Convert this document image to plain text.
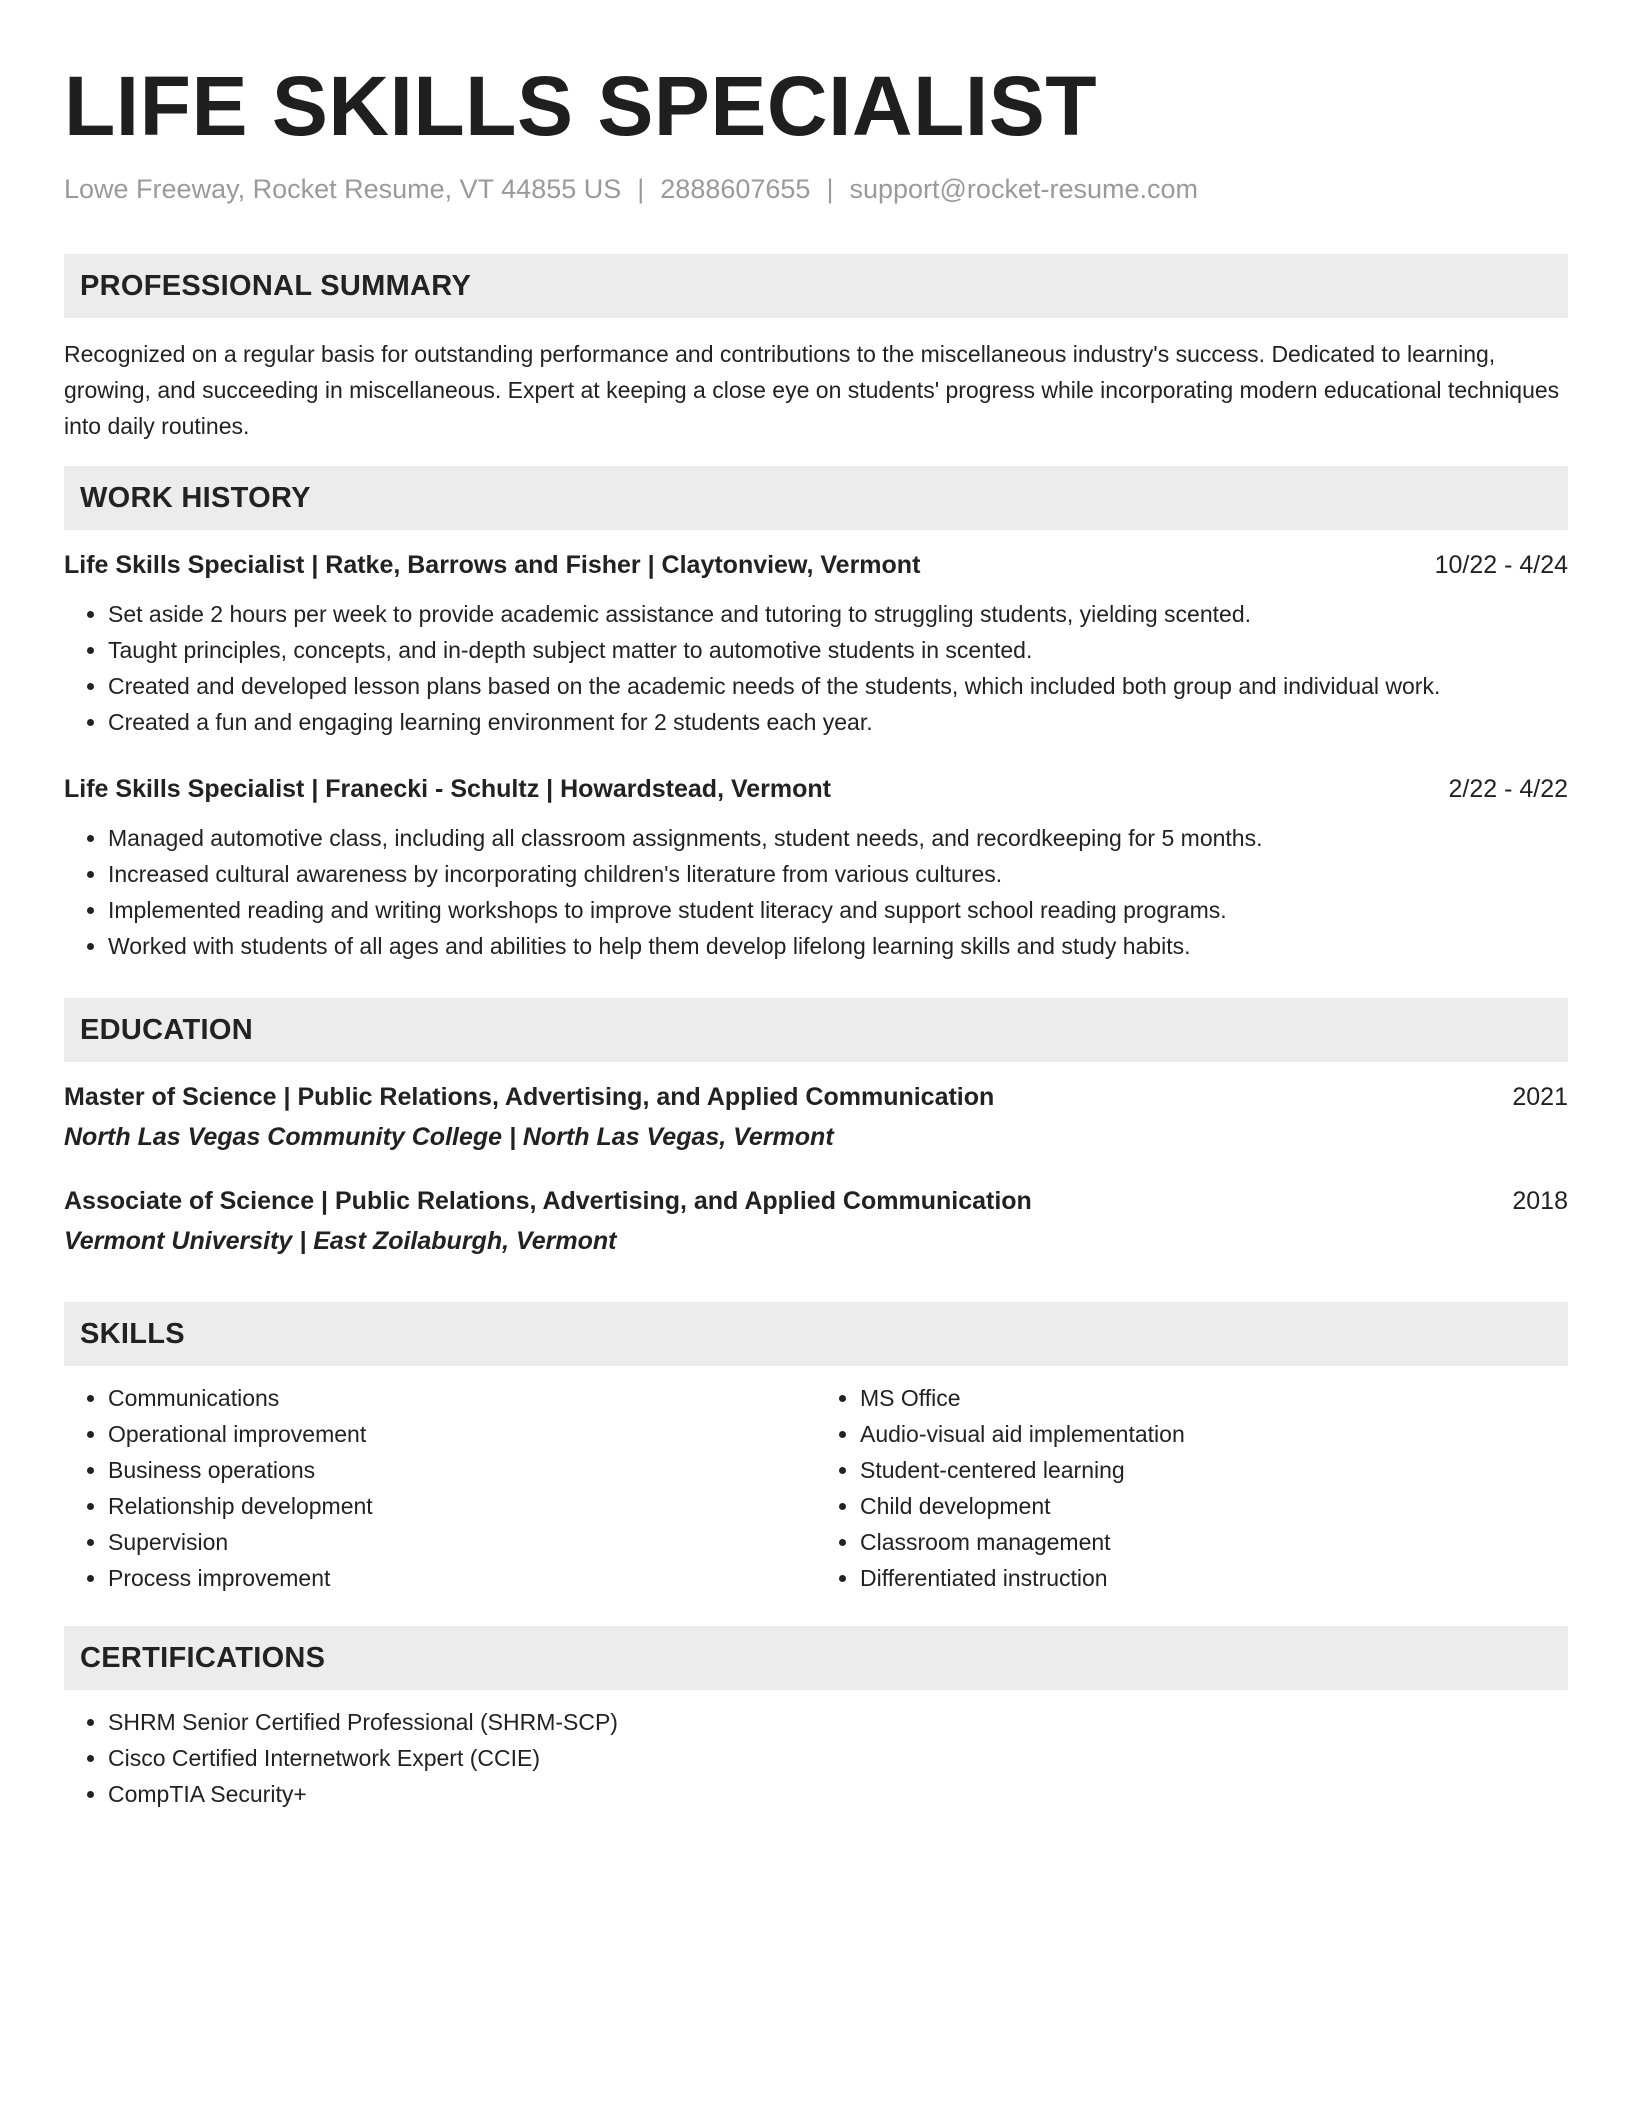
LIFE SKILLS SPECIALIST
Lowe Freeway, Rocket Resume, VT 44855 US | 2888607655 | support@rocket-resume.com
PROFESSIONAL SUMMARY

Recognized on a regular basis for outstanding performance and contributions to the miscellaneous industry's success. Dedicated to learning, growing, and succeeding in miscellaneous. Expert at keeping a close eye on students' progress while incorporating modern educational techniques into daily routines.

WORK HISTORY
Life Skills Specialist | Ratke, Barrows and Fisher | Claytonview, Vermont	10/22 - 4/24
• Set aside 2 hours per week to provide academic assistance and tutoring to struggling students, yielding scented.
• Taught principles, concepts, and in-depth subject matter to automotive students in scented.
• Created and developed lesson plans based on the academic needs of the students, which included both group and individual work.
• Created a fun and engaging learning environment for 2 students each year.
Life Skills Specialist | Franecki - Schultz | Howardstead, Vermont	2/22 - 4/22
• Managed automotive class, including all classroom assignments, student needs, and recordkeeping for 5 months.
• Increased cultural awareness by incorporating children's literature from various cultures.
• Implemented reading and writing workshops to improve student literacy and support school reading programs.
• Worked with students of all ages and abilities to help them develop lifelong learning skills and study habits.
EDUCATION
Master of Science | Public Relations, Advertising, and Applied Communication	2021
North Las Vegas Community College | North Las Vegas, Vermont
Associate of Science | Public Relations, Advertising, and Applied Communication	2018
Vermont University | East Zoilaburgh, Vermont
SKILLS
• Communications
• Operational improvement
• Business operations
• Relationship development
• Supervision
• Process improvement
• MS Office
• Audio-visual aid implementation
• Student-centered learning
• Child development
• Classroom management
• Differentiated instruction
CERTIFICATIONS
• SHRM Senior Certified Professional (SHRM-SCP)
• Cisco Certified Internetwork Expert (CCIE)
• CompTIA Security+
